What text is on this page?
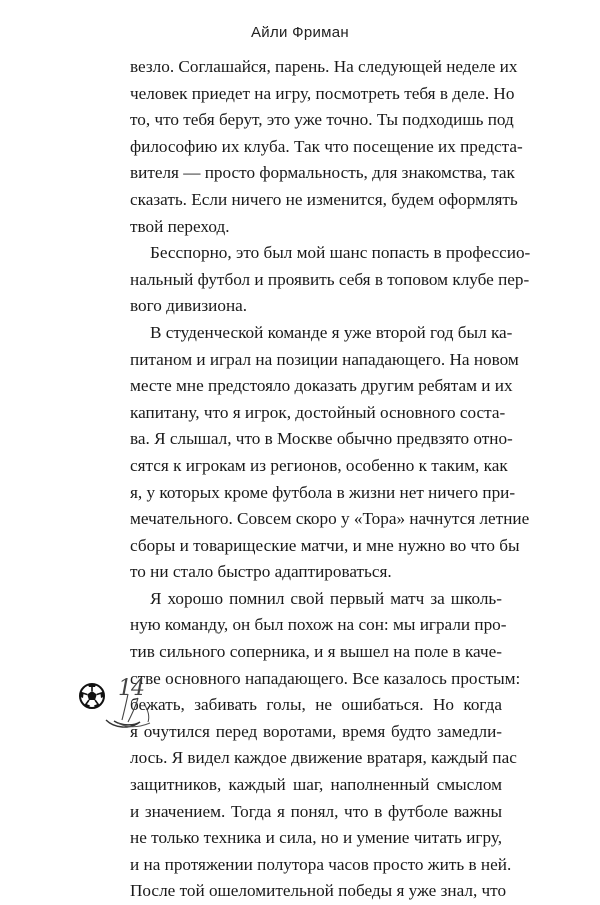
Айли Фриман
везло. Соглашайся, парень. На следующей неделе их
человек приедет на игру, посмотреть тебя в деле. Но
то, что тебя берут, это уже точно. Ты подходишь под
философию их клуба. Так что посещение их предста-
вителя — просто формальность, для знакомства, так
сказать. Если ничего не изменится, будем оформлять
твой переход.
Бесспорно, это был мой шанс попасть в профессио-
нальный футбол и проявить себя в топовом клубе пер-
вого дивизиона.
В студенческой команде я уже второй год был ка-
питаном и играл на позиции нападающего. На новом
месте мне предстояло доказать другим ребятам и их
капитану, что я игрок, достойный основного соста-
ва. Я слышал, что в Москве обычно предвзято отно-
сятся к игрокам из регионов, особенно к таким, как
я, у которых кроме футбола в жизни нет ничего при-
мечательного. Совсем скоро у «Тора» начнутся летние
сборы и товарищеские матчи, и мне нужно во что бы
то ни стало быстро адаптироваться.
Я хорошо помнил свой первый матч за школь-
ную команду, он был похож на сон: мы играли про-
тив сильного соперника, и я вышел на поле в каче-
стве основного нападающего. Все казалось простым:
бежать, забивать голы, не ошибаться. Но когда
я очутился перед воротами, время будто замедли-
лось. Я видел каждое движение вратаря, каждый пас
защитников, каждый шаг, наполненный смыслом
и значением. Тогда я понял, что в футболе важны
не только техника и сила, но и умение читать игру,
и на протяжении полутора часов просто жить в ней.
После той ошеломительной победы я уже знал, что
14
